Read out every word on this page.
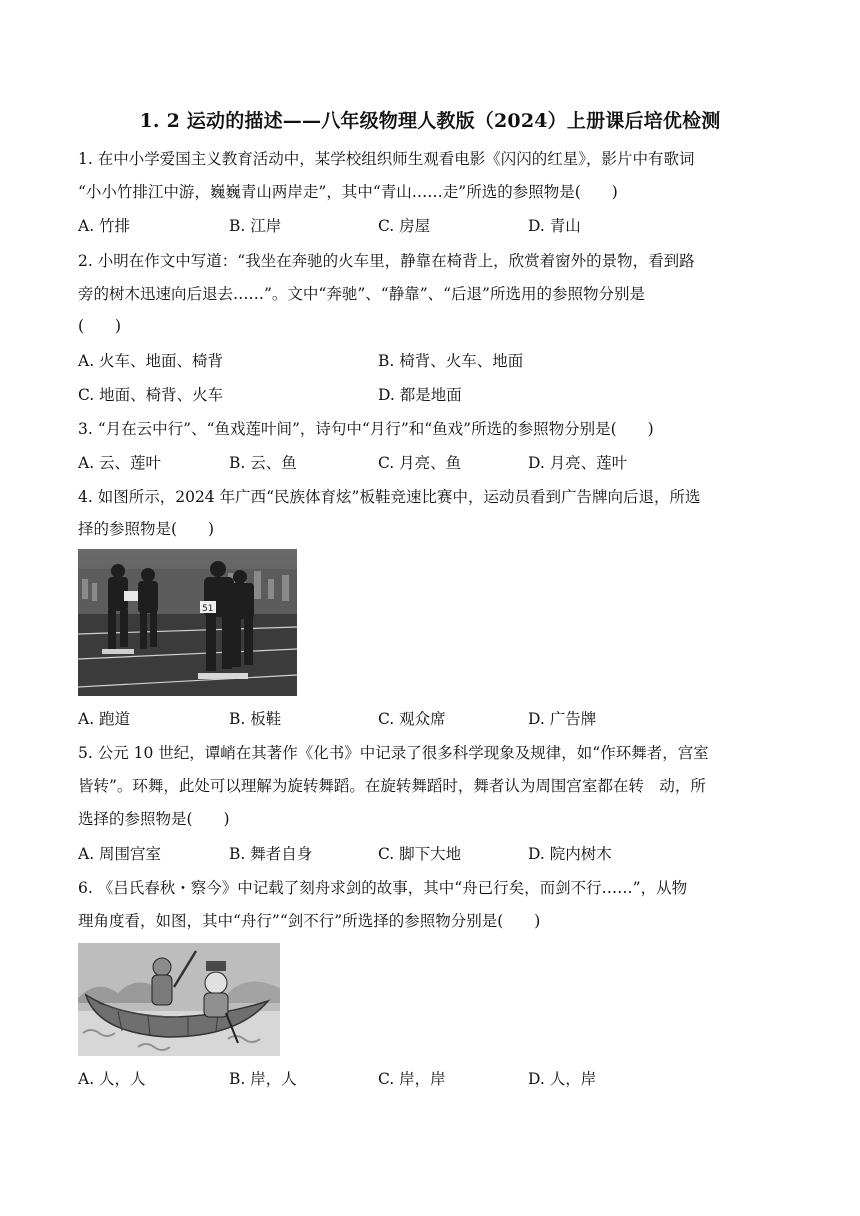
1. 2 运动的描述——八年级物理人教版（2024）上册课后培优检测
1. 在中小学爱国主义教育活动中，某学校组织师生观看电影《闪闪的红星》，影片中有歌词
“小小竹排江中游，巍巍青山两岸走”，其中“青山……走”所选的参照物是(　　)
A. 竹排	B. 江岸	C. 房屋	D. 青山
2. 小明在作文中写道：“我坐在奔驰的火车里，静靠在椅背上，欣赏着窗外的景物，看到路
旁的树木迅速向后退去……”。文中“奔驰”、“静靠”、“后退”所选用的参照物分别是
(　　)
A. 火车、地面、椅背	B. 椅背、火车、地面
C. 地面、椅背、火车	D. 都是地面
3. “月在云中行”、“鱼戏莲叶间”，诗句中“月行”和“鱼戏”所选的参照物分别是(　　)
A. 云、莲叶	B. 云、鱼	C. 月亮、鱼	D. 月亮、莲叶
4. 如图所示，2024 年广西“民族体育炫”板鞋竞速比赛中，运动员看到广告牌向后退，所选
择的参照物是(　　)
51
A. 跑道	B. 板鞋	C. 观众席	D. 广告牌
5. 公元 10 世纪，谭峭在其著作《化书》中记录了很多科学现象及规律，如“作环舞者，宫室
皆转”。环舞，此处可以理解为旋转舞蹈。在旋转舞蹈时，舞者认为周围宫室都在转　动，所
选择的参照物是(　　)
A. 周围宫室	B. 舞者自身	C. 脚下大地	D. 院内树木
6. 《吕氏春秋・察今》中记载了刻舟求剑的故事，其中“舟已行矣，而剑不行……”，从物
理角度看，如图，其中“舟行”“剑不行”所选择的参照物分别是(　　)
A. 人，人	B. 岸，人	C. 岸，岸	D. 人，岸
